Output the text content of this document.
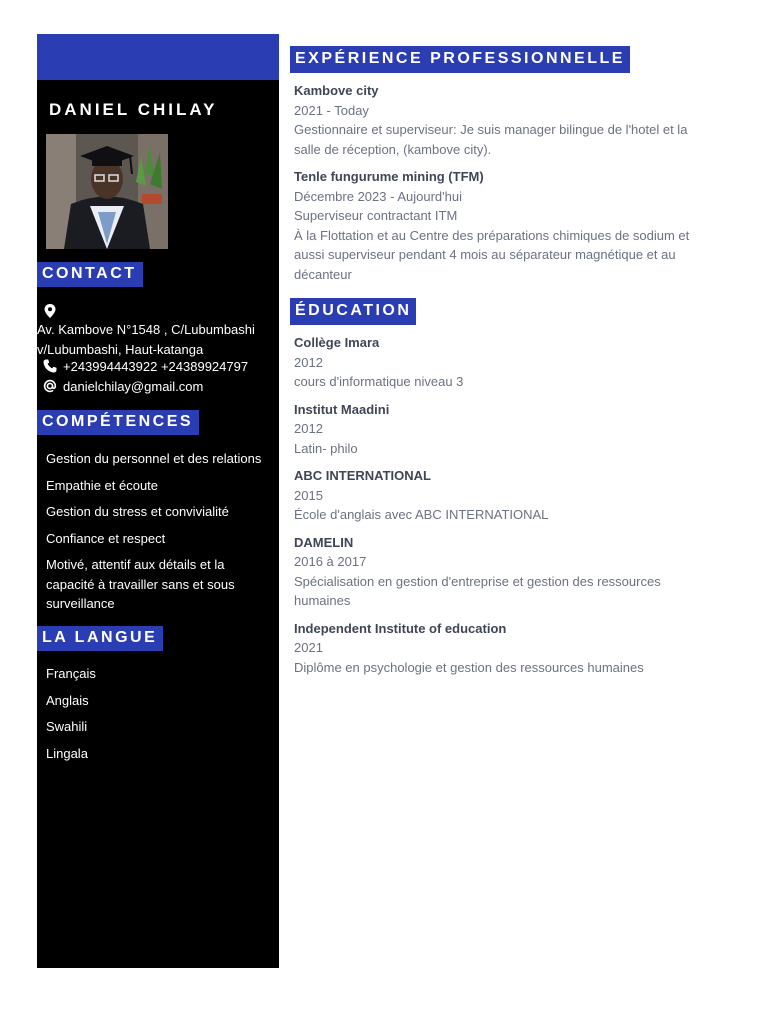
DANIEL CHILAY
CONTACT
Av. Kambove N°1548 , C/Lubumbashi
v/Lubumbashi, Haut-katanga
+243994443922 +24389924797
danielchilay@gmail.com
COMPÉTENCES
Gestion du personnel et des relations
Empathie et écoute
Gestion du stress et convivialité
Confiance et respect
Motivé, attentif aux détails et la capacité à travailler sans et sous surveillance
LA LANGUE
Français
Anglais
Swahili
Lingala
EXPÉRIENCE PROFESSIONNELLE
Kambove city
2021 - Today
Gestionnaire et superviseur: Je suis manager bilingue de l'hotel et la salle de réception, (kambove city).
Tenle fungurume mining (TFM)
Décembre 2023 - Aujourd'hui
Superviseur contractant ITM
À la Flottation et au Centre des préparations chimiques de sodium et aussi superviseur pendant 4 mois au séparateur magnétique et au décanteur
ÉDUCATION
Collège Imara
2012
cours d'informatique niveau 3
Institut Maadini
2012
Latin- philo
ABC INTERNATIONAL
2015
École d'anglais avec ABC INTERNATIONAL
DAMELIN
2016 à 2017
Spécialisation en gestion d'entreprise et gestion des ressources humaines
Independent Institute of education
2021
Diplôme en psychologie et gestion des ressources humaines
